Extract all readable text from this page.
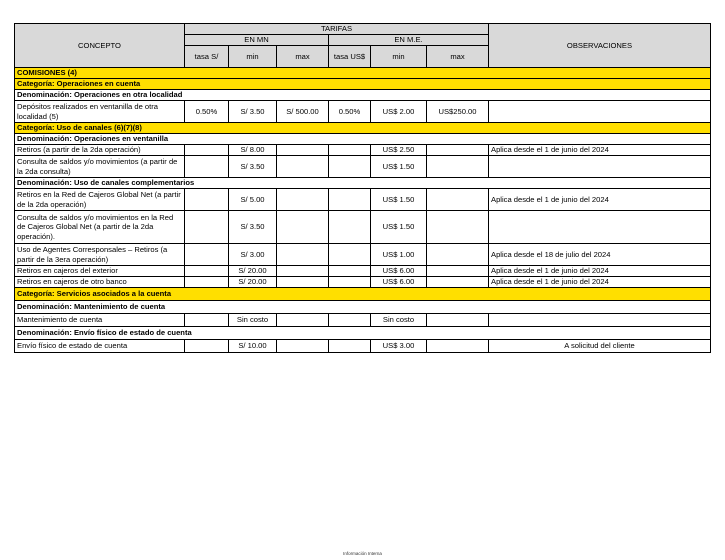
CONCEPTO	TARIFAS						OBSERVACIONES
	EN MN			EN M.E.			
	tasa S/	min	max	tasa US$	min	max	
COMISIONES (4)							
Categoría: Operaciones en cuenta							
Denominación: Operaciones en otra localidad							
Depósitos realizados en ventanilla de otra localidad (5)	0.50%	S/ 3.50	S/ 500.00	0.50%	US$ 2.00	US$250.00	
Categoría: Uso de canales (6)(7)(8)							
Denominación: Operaciones en ventanilla							
Retiros (a partir de la 2da operación)		S/ 8.00			US$ 2.50		Aplica desde el 1 de junio del 2024
Consulta de saldos y/o movimientos (a partir de la 2da consulta)		S/ 3.50			US$ 1.50		
Denominación: Uso de canales complementarios							
Retiros en la Red de Cajeros Global Net (a partir de la 2da operación)		S/ 5.00			US$ 1.50		Aplica desde el 1 de junio del 2024
Consulta de saldos y/o movimientos en la Red de Cajeros Global Net (a partir de la 2da operación).		S/ 3.50			US$ 1.50		
Uso de Agentes Corresponsales – Retiros (a partir de la 3era operación)		S/ 3.00			US$ 1.00		Aplica desde el 18 de julio del 2024
Retiros en cajeros del exterior		S/ 20.00			US$ 6.00		Aplica desde el 1 de junio del 2024
Retiros en cajeros de otro banco		S/ 20.00			US$ 6.00		Aplica desde el 1 de junio del 2024
Categoría: Servicios asociados a la cuenta							
Denominación: Mantenimiento de cuenta							
Mantenimiento de cuenta		Sin costo			Sin costo		
Denominación: Envío físico de estado de cuenta							
Envío físico de estado de cuenta		S/ 10.00			US$ 3.00		A solicitud del cliente
Información Interna
